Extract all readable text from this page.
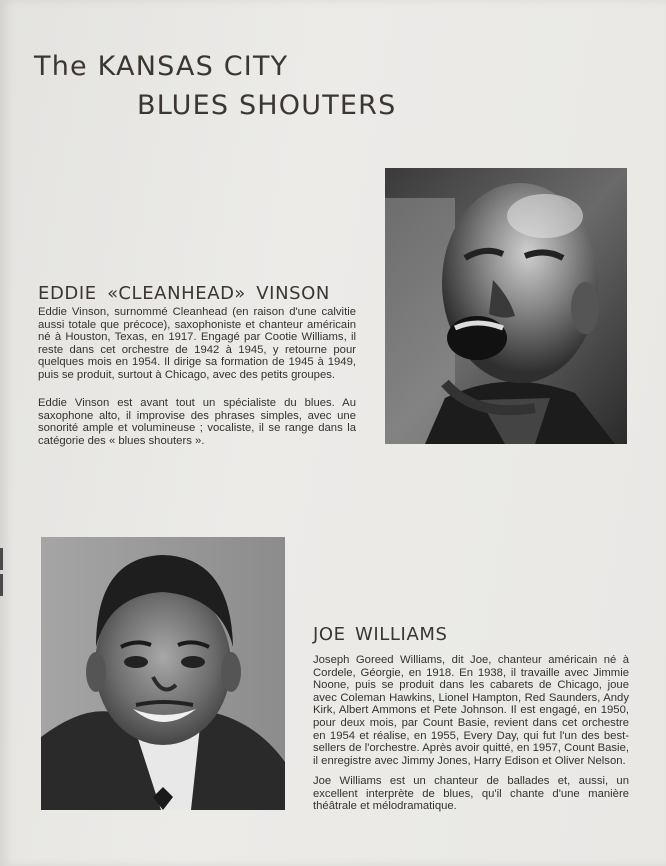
The KANSAS CITY
BLUES SHOUTERS
EDDIE «CLEANHEAD» VINSON

Eddie Vinson, surnommé Cleanhead (en raison d'une calvitie aussi totale que précoce), saxophoniste et chanteur américain né à Houston, Texas, en 1917. Engagé par Cootie Williams, il reste dans cet orchestre de 1942 à 1945, y retourne pour quelques mois en 1954. Il dirige sa formation de 1945 à 1949, puis se produit, surtout à Chicago, avec des petits groupes.

Eddie Vinson est avant tout un spécialiste du blues. Au saxophone alto, il improvise des phrases simples, avec une sonorité ample et volumineuse ; vocaliste, il se range dans la catégorie des « blues shouters ».

JOE WILLIAMS

Joseph Goreed Williams, dit Joe, chanteur américain né à Cordele, Géorgie, en 1918. En 1938, il travaille avec Jimmie Noone, puis se produit dans les cabarets de Chicago, joue avec Coleman Hawkins, Lionel Hampton, Red Saunders, Andy Kirk, Albert Ammons et Pete Johnson. Il est engagé, en 1950, pour deux mois, par Count Basie, revient dans cet orchestre en 1954 et réalise, en 1955, Every Day, qui fut l'un des best-sellers de l'orchestre. Après avoir quitté, en 1957, Count Basie, il enregistre avec Jimmy Jones, Harry Edison et Oliver Nelson.

Joe Williams est un chanteur de ballades et, aussi, un excellent interprète de blues, qu'il chante d'une manière théâtrale et mélodramatique.
